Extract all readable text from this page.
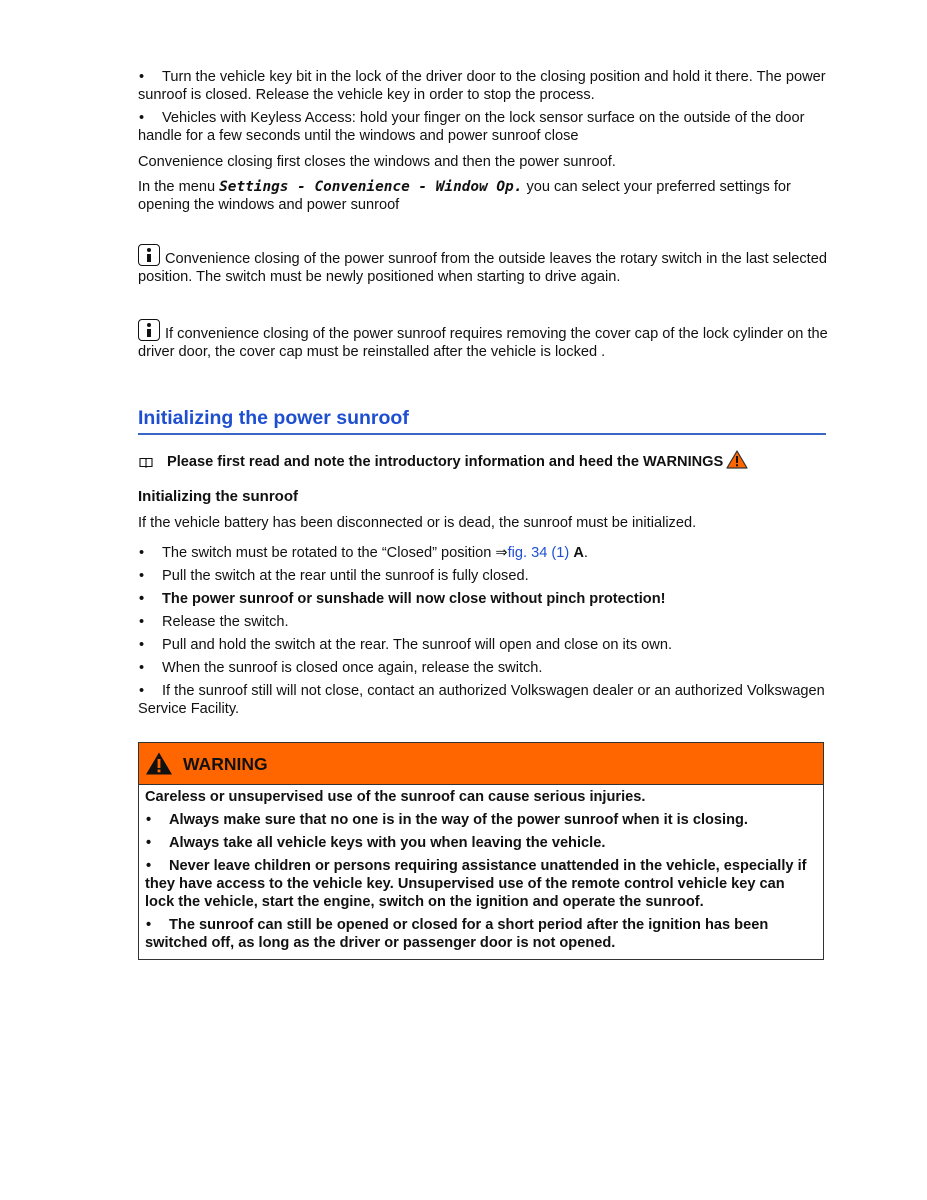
• Turn the vehicle key bit in the lock of the driver door to the closing position and hold it there. The power sunroof is closed. Release the vehicle key in order to stop the process.
• Vehicles with Keyless Access: hold your finger on the lock sensor surface on the outside of the door handle for a few seconds until the windows and power sunroof close

Convenience closing first closes the windows and then the power sunroof.

In the menu Settings - Convenience - Window Op. you can select your preferred settings for opening the windows and power sunroof

Convenience closing of the power sunroof from the outside leaves the rotary switch in the last selected position. The switch must be newly positioned when starting to drive again.

If convenience closing of the power sunroof requires removing the cover cap of the lock cylinder on the driver door, the cover cap must be reinstalled after the vehicle is locked .

Initializing the power sunroof
Please first read and note the introductory information and heed the WARNINGS
Initializing the sunroof

If the vehicle battery has been disconnected or is dead, the sunroof must be initialized.

• The switch must be rotated to the “Closed” position ⇒fig. 34 (1) A.
• Pull the switch at the rear until the sunroof is fully closed.
• The power sunroof or sunshade will now close without pinch protection!
• Release the switch.
• Pull and hold the switch at the rear. The sunroof will open and close on its own.
• When the sunroof is closed once again, release the switch.
• If the sunroof still will not close, contact an authorized Volkswagen dealer or an authorized Volkswagen Service Facility.
WARNING
Careless or unsupervised use of the sunroof can cause serious injuries.
• Always make sure that no one is in the way of the power sunroof when it is closing.
• Always take all vehicle keys with you when leaving the vehicle.
• Never leave children or persons requiring assistance unattended in the vehicle, especially if they have access to the vehicle key. Unsupervised use of the remote control vehicle key can lock the vehicle, start the engine, switch on the ignition and operate the sunroof.
• The sunroof can still be opened or closed for a short period after the ignition has been switched off, as long as the driver or passenger door is not opened.
